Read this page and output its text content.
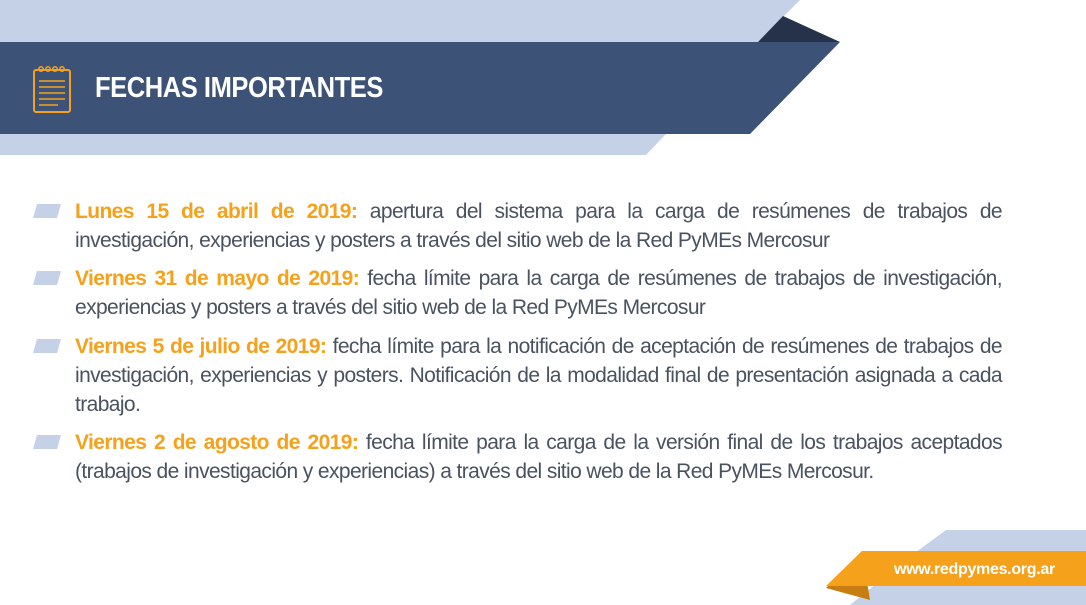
FECHAS IMPORTANTES
Lunes 15 de abril de 2019: apertura del sistema para la carga de resúmenes de trabajos de investigación, experiencias y posters a través del sitio web de la Red PyMEs Mercosur
Viernes 31 de mayo de 2019: fecha límite para la carga de resúmenes de trabajos de investigación, experiencias y posters a través del sitio web de la Red PyMEs Mercosur
Viernes 5 de julio de 2019: fecha límite para la notificación de aceptación de resúmenes de trabajos de investigación, experiencias y posters. Notificación de la modalidad final de presentación asignada a cada trabajo.
Viernes 2 de agosto de 2019: fecha límite para la carga de la versión final de los trabajos aceptados (trabajos de investigación y experiencias) a través del sitio web de la Red PyMEs Mercosur.
www.redpymes.org.ar
